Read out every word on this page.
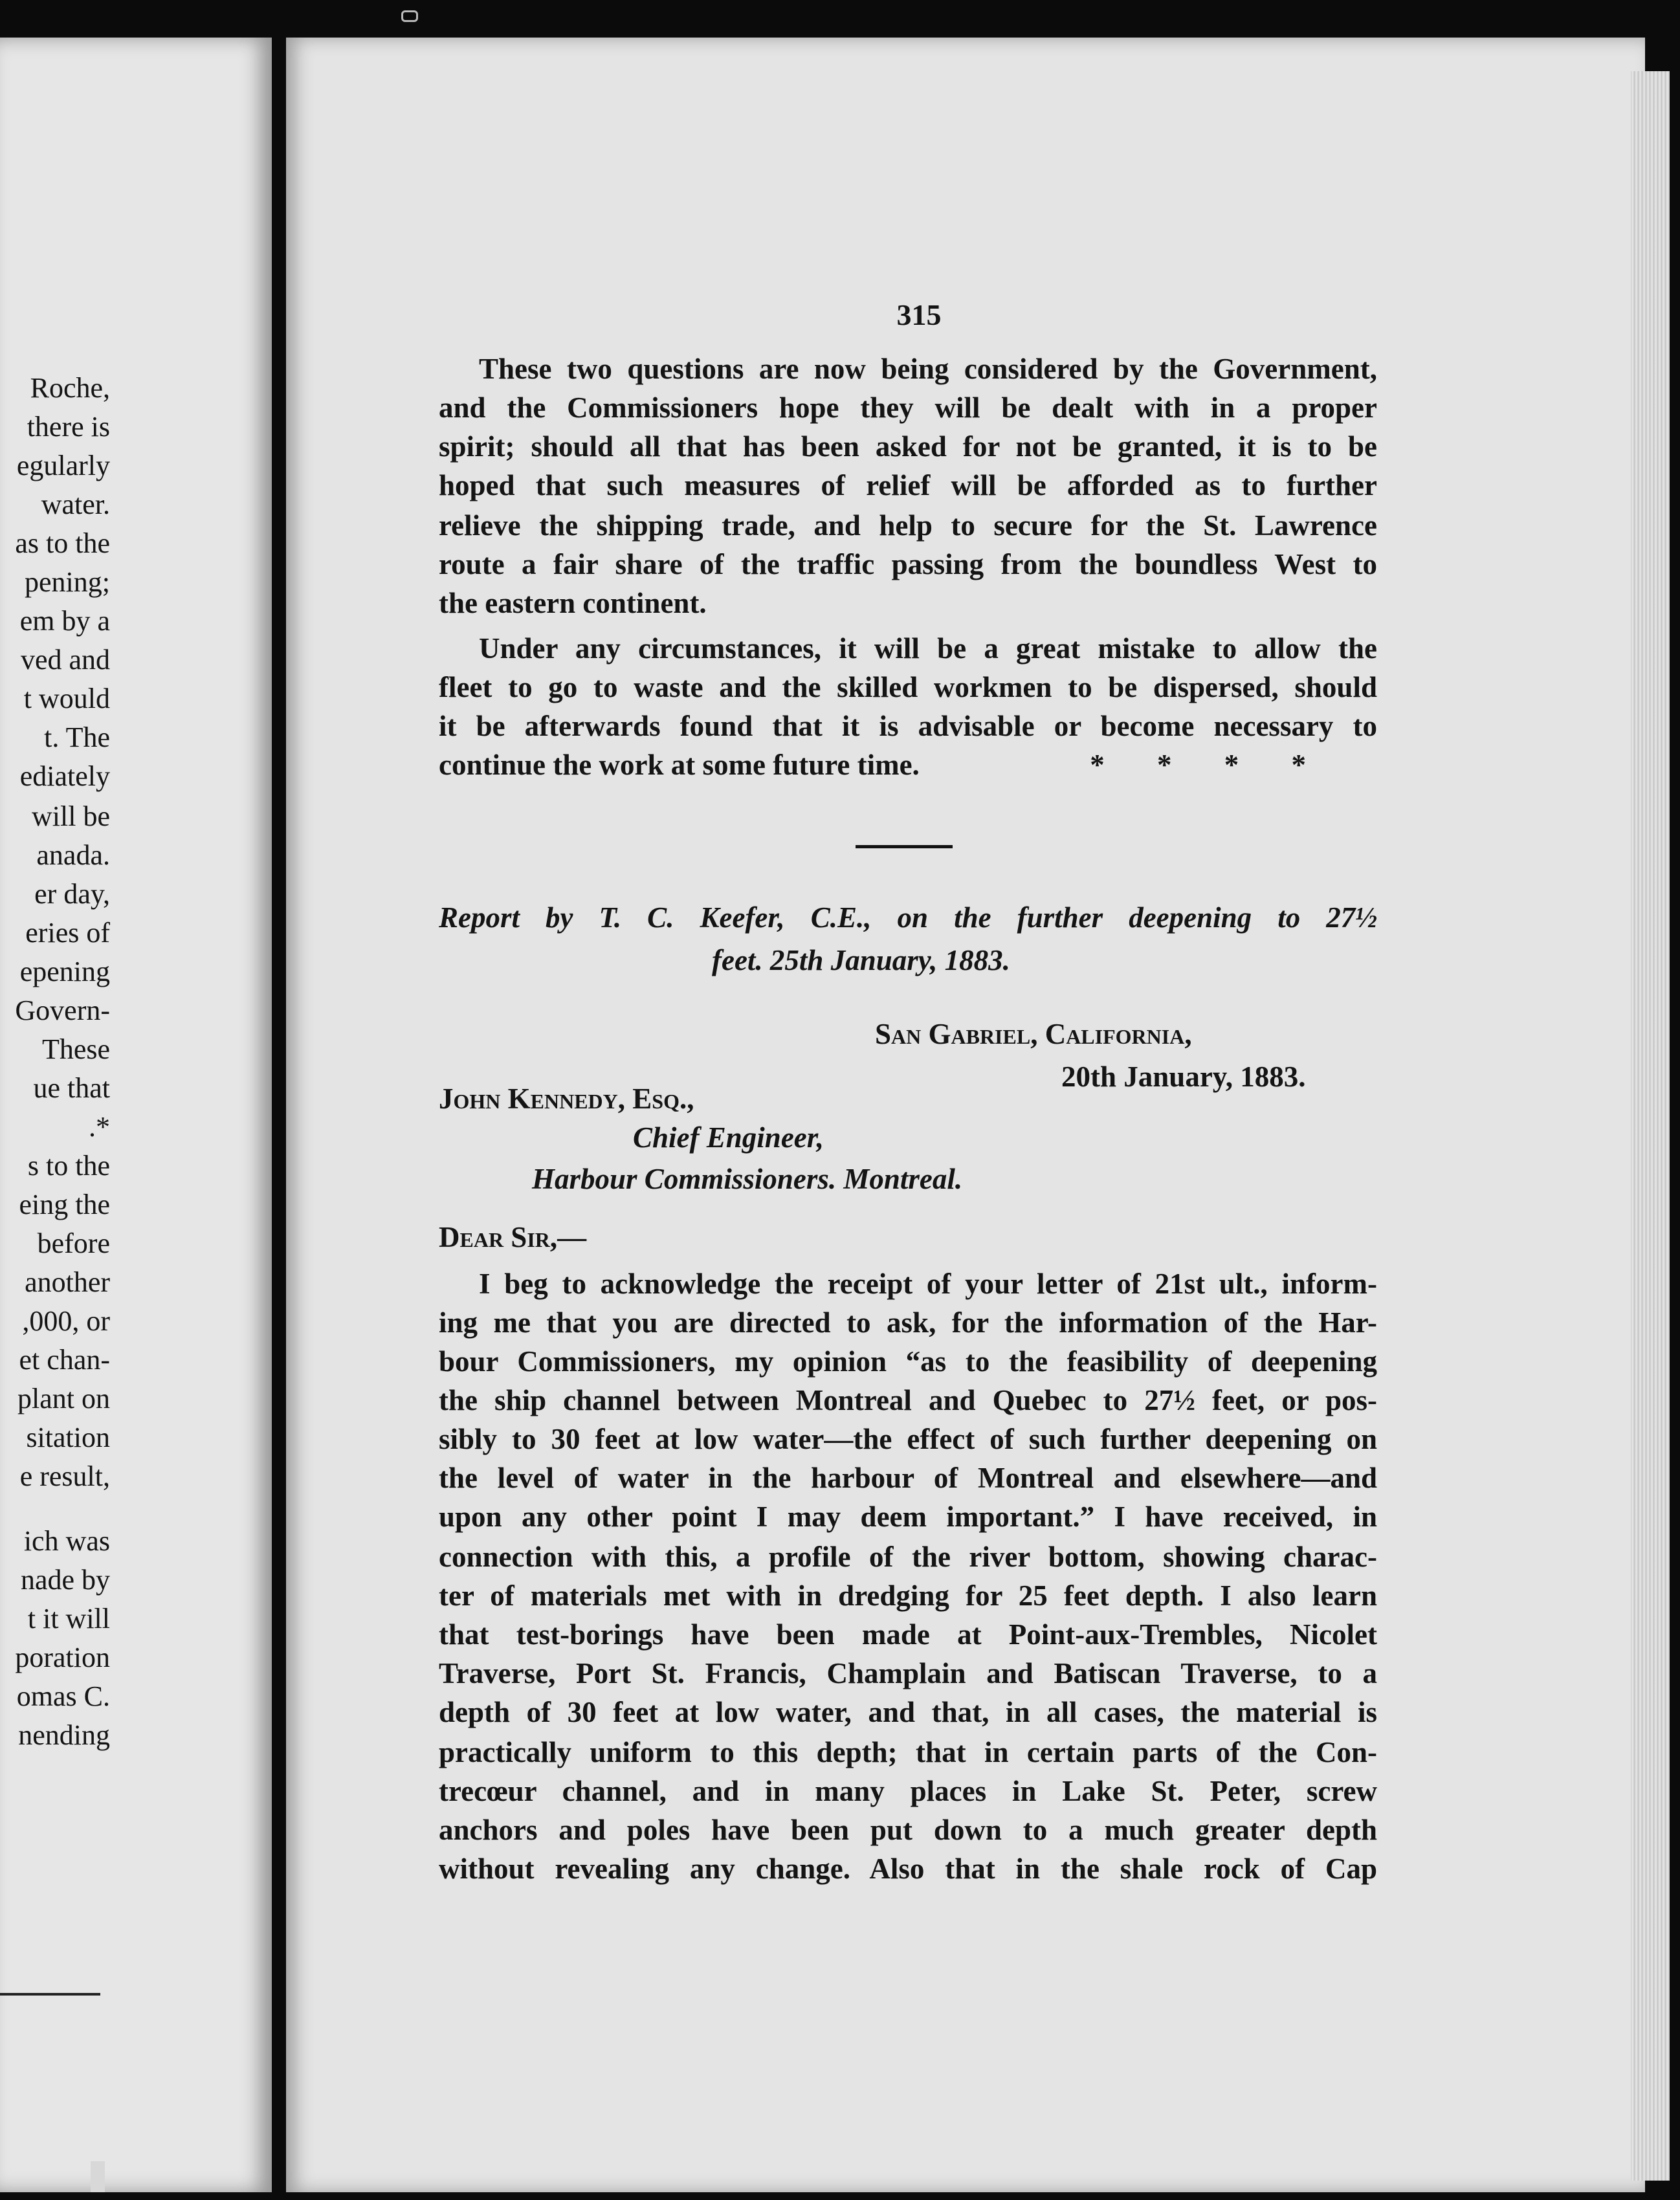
Roche,
there is
egularly
water.
as to the
pening;
em by a
ved and
t would
t. The
ediately
will be
anada.
er day,
eries of
epening
Govern-
These
ue that
.*
s to the
eing the
before
another
,000, or
et chan-
plant on
sitation
e result,
ich was
nade by
t it will
poration
omas C.
nending
315
These two questions are now being considered by the Government,
and the Commissioners hope they will be dealt with in a proper
spirit; should all that has been asked for not be granted, it is to be
hoped that such measures of relief will be afforded as to further
relieve the shipping trade, and help to secure for the St. Lawrence
route a fair share of the traffic passing from the boundless West to
the eastern continent.
Under any circumstances, it will be a great mistake to allow the
fleet to go to waste and the skilled workmen to be dispersed, should
it be afterwards found that it is advisable or become necessary to
continue the work at some future time.	* * * *
Report by T. C. Keefer, C.E., on the further deepening to 27½
feet. 25th January, 1883.
San Gabriel, California,
20th January, 1883.
John Kennedy, Esq.,
Chief Engineer,
Harbour Commissioners. Montreal.
Dear Sir,—
I beg to acknowledge the receipt of your letter of 21st ult., inform-
ing me that you are directed to ask, for the information of the Har-
bour Commissioners, my opinion “as to the feasibility of deepening
the ship channel between Montreal and Quebec to 27½ feet, or pos-
sibly to 30 feet at low water—the effect of such further deepening on
the level of water in the harbour of Montreal and elsewhere—and
upon any other point I may deem important.” I have received, in
connection with this, a profile of the river bottom, showing charac-
ter of materials met with in dredging for 25 feet depth. I also learn
that test-borings have been made at Point-aux-Trembles, Nicolet
Traverse, Port St. Francis, Champlain and Batiscan Traverse, to a
depth of 30 feet at low water, and that, in all cases, the material is
practically uniform to this depth; that in certain parts of the Con-
trecœur channel, and in many places in Lake St. Peter, screw
anchors and poles have been put down to a much greater depth
without revealing any change. Also that in the shale rock of Cap
